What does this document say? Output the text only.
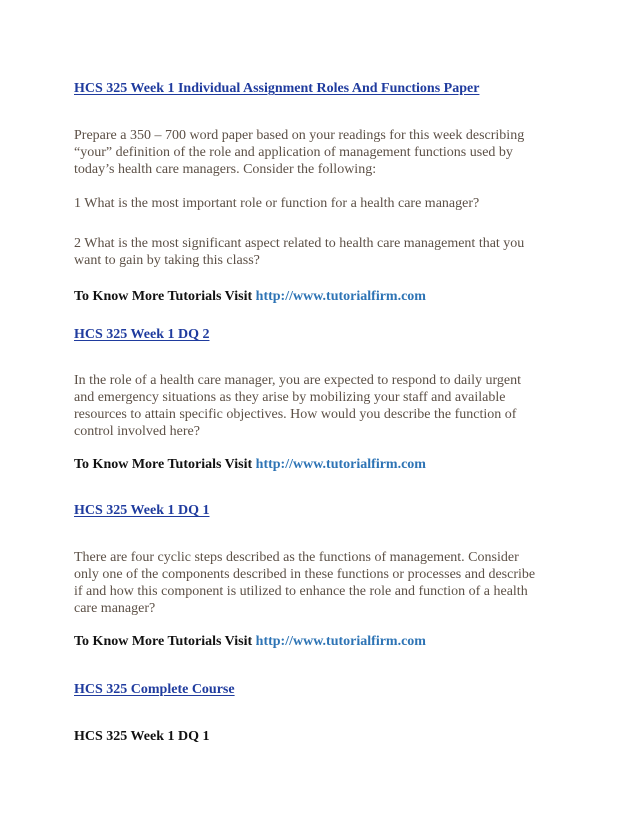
HCS 325 Week 1 Individual Assignment Roles And Functions Paper

Prepare a 350 – 700 word paper based on your readings for this week describing
“your” definition of the role and application of management functions used by
today’s health care managers. Consider the following:

1 What is the most important role or function for a health care manager?

2 What is the most significant aspect related to health care management that you
want to gain by taking this class?

To Know More Tutorials Visit http://www.tutorialfirm.com

HCS 325 Week 1 DQ 2

In the role of a health care manager, you are expected to respond to daily urgent
and emergency situations as they arise by mobilizing your staff and available
resources to attain specific objectives. How would you describe the function of
control involved here?

To Know More Tutorials Visit http://www.tutorialfirm.com

HCS 325 Week 1 DQ 1

There are four cyclic steps described as the functions of management. Consider
only one of the components described in these functions or processes and describe
if and how this component is utilized to enhance the role and function of a health
care manager?

To Know More Tutorials Visit http://www.tutorialfirm.com

HCS 325 Complete Course

HCS 325 Week 1 DQ 1
